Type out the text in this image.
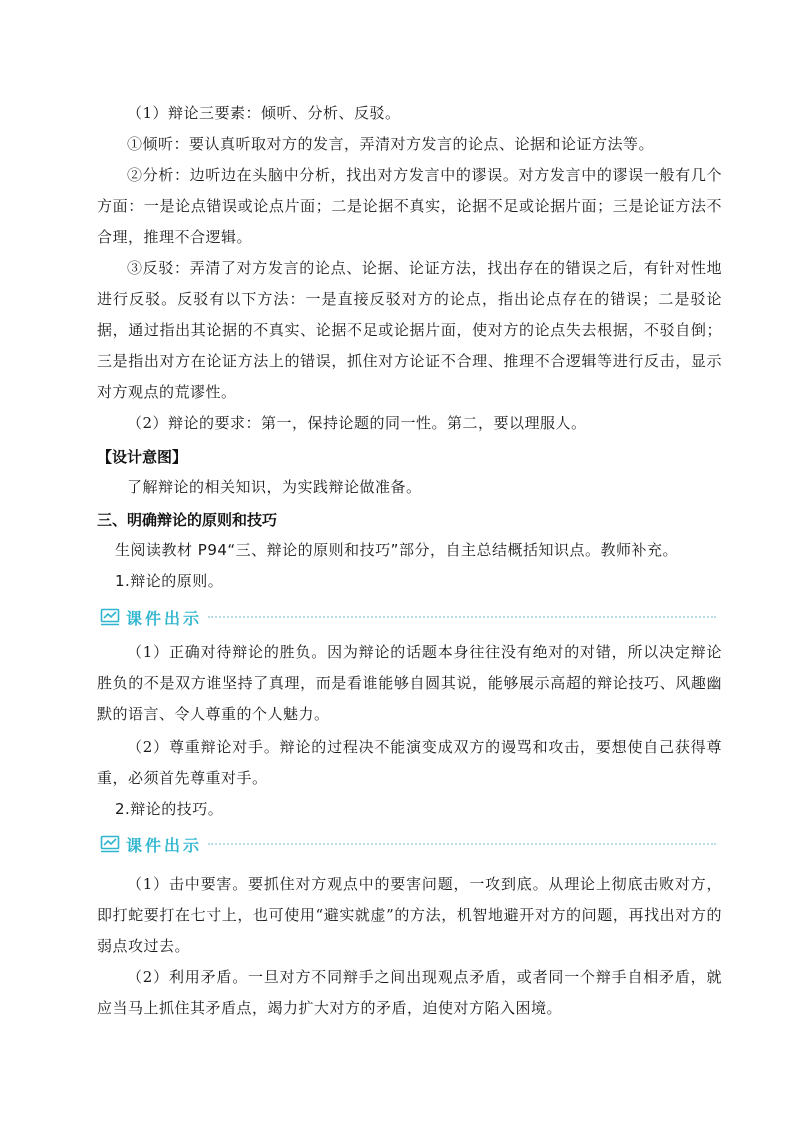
（1）辩论三要素：倾听、分析、反驳。

①倾听：要认真听取对方的发言，弄清对方发言的论点、论据和论证方法等。

②分析：边听边在头脑中分析，找出对方发言中的谬误。对方发言中的谬误一般有几个方面：一是论点错误或论点片面；二是论据不真实，论据不足或论据片面；三是论证方法不合理，推理不合逻辑。

③反驳：弄清了对方发言的论点、论据、论证方法，找出存在的错误之后，有针对性地进行反驳。反驳有以下方法：一是直接反驳对方的论点，指出论点存在的错误；二是驳论据，通过指出其论据的不真实、论据不足或论据片面，使对方的论点失去根据，不驳自倒；三是指出对方在论证方法上的错误，抓住对方论证不合理、推理不合逻辑等进行反击，显示对方观点的荒谬性。

（2）辩论的要求：第一，保持论题的同一性。第二，要以理服人。

【设计意图】

了解辩论的相关知识，为实践辩论做准备。

三、明确辩论的原则和技巧

生阅读教材 P94“三、辩论的原则和技巧”部分，自主总结概括知识点。教师补充。

1.辩论的原则。

课件出示

（1）正确对待辩论的胜负。因为辩论的话题本身往往没有绝对的对错，所以决定辩论胜负的不是双方谁坚持了真理，而是看谁能够自圆其说，能够展示高超的辩论技巧、风趣幽默的语言、令人尊重的个人魅力。

（2）尊重辩论对手。辩论的过程决不能演变成双方的谩骂和攻击，要想使自己获得尊重，必须首先尊重对手。

2.辩论的技巧。

课件出示

（1）击中要害。要抓住对方观点中的要害问题，一攻到底。从理论上彻底击败对方，即打蛇要打在七寸上，也可使用“避实就虚”的方法，机智地避开对方的问题，再找出对方的弱点攻过去。

（2）利用矛盾。一旦对方不同辩手之间出现观点矛盾，或者同一个辩手自相矛盾，就应当马上抓住其矛盾点，竭力扩大对方的矛盾，迫使对方陷入困境。
